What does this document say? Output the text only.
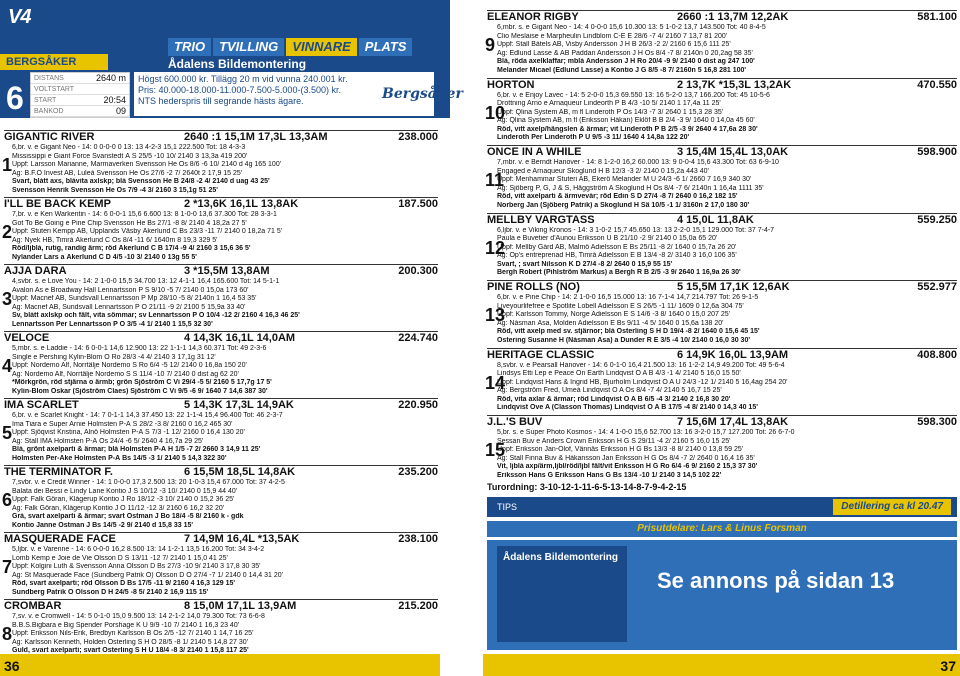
$^{V4}$
BERGSÅKER
TRIO	TVILLING	VINNARE	PLATS
Ådalens Bildemontering
6
DISTANS	2640 m
VOLTSTART
START	20:54
BANKOD	09
Högst 600.000 kr. Tillägg 20 m vid vunna 240.001 kr.
Pris: 40.000-18.000-11.000-7.500-5.000-(3.500) kr.
NTS hederspris till segrande hästs ägare.	Bergsåker
GIGANTIC RIVER	2640 :1 15,1M 17,3L 13,3AM	238.000
1
6,br. v. e Gigant Neo - 14: 0 0-0-0 0 13: 13 4-2-3 15,1 222.500 Tot: 18 4-3-3
Mississippi e Giant Force Svanstedt Å S 25/5 -10 10/ 2140 3 13,3a 419 200'
Uppf: Larsson Marianne, Marmaverken Svensson He Ös 8/6 -6 10/ 2140 d 4g 165 100'
Äg: B.F.O Invest AB, Luleå Svensson He Ös 27/6 -2 7/ 2640t 2 17,9 15 25'
Svart, blått axs, blåvita axlskp; blå Svensson He B 24/8 -2 4/ 2140 d uag 43 25'
Svensson Henrik Svensson He Ös 7/9 -4 3/ 2160 3 15,1g 51 25'
I'LL BE BACK KEMP	2 *13,6K 16,1L 13,8AK	187.500
2
7,br. v. e Ken Warkentin - 14: 6 0-0-1 15,6 6.600 13: 8 1-0-0 13,6 37.300 Tot: 28 3-3-1
Got To Be Going e Pine Chip Svensson He Bs 27/1 -8 8/ 2140 4 18,2a 27 5'
Uppf: Stuteri Kempp AB, Upplands Väsby Åkerlund C Bs 23/3 -11 7/ 2140 0 18,2a 71 5'
Äg: Nyek HB, Timrå Åkerlund C Ös 8/4 -11 6/ 1640m 8 19,3 329 5'
Röd/ljblå, rutig, randig ärm; röd Åkerlund C B 17/4 -9 4/ 2160 3 15,6 36 5'
Nylander Lars a Åkerlund C D 4/5 -10 3/ 2140 0 13g 55 5'
AJJA DARA	3 *15,5M 13,8AM	200.300
3
4,svbr. s. e Love You - 14: 2 1-0-0 15,5 34.700 13: 12 4-1-1 16,4 165.600 Tot: 14 5-1-1
Avalon As e Broadway Hall Lennartsson P S 9/10 -5 7/ 2140 0 15,0a 173 60'
Uppf: Macnef AB, Sundsvall Lennartsson P Mp 28/10 -5 8/ 2140n 1 16,4 53 35'
Äg: Macnef AB, Sundsvall Lennartsson P Ö 21/11 -9 2/ 2100 5 15,9a 33 40'
Sv, blått axlskp och fält, vita sömmar; sv Lennartsson P Ö 10/4 -12 2/ 2160 4 16,3 46 25'
Lennartsson Per Lennartsson P Ö 3/5 -4 1/ 2140 1 15,5 32 30'
VELOCE	4 14,3K 16,1L 14,0AM	224.740
4
5,mbr. s. e Laddie - 14: 6 0-0-1 14,6 12.900 13: 22 1-1-1 14,3 60.371 Tot: 49 2-3-6
Single e Pershing Kylin-Blom O Ro 28/3 -4 4/ 2140 3 17,1g 31 12'
Uppf: Nordemo Alf, Norrtälje Nordemo S Ro 6/4 -5 12/ 2140 0 16,8a 150 20'
Äg: Nordemo Alf, Norrtälje Nordemo S S 11/4 -10 7/ 2140 0 dist ag 62 20'
*Mörkgrön, röd stjärna o ärmb; grön Sjöström C Vi 29/4 -5 5/ 2160 5 17,7g 17 5'
Kylin-Blom Oskar (Sjöström Claes) Sjöström C Vi 9/5 -6 9/ 1640 7 14,6 387 30'
IMA SCARLET	5 14,3K 17,3L 14,9AK	220.950
5
6,br. v. e Scarlet Knight - 14: 7 0-1-1 14,3 37.450 13: 22 1-1-4 15,4 96.400 Tot: 46 2-3-7
Ima Tiara e Super Arnie Holmsten P-Å S 28/2 -3 8/ 2160 0 16,2 465 30'
Uppf: Sjöqvist Kristina, Alnö Holmsten P-Å S 7/3 -1 12/ 2160 0 16,4 130 20'
Äg: Stall IMA Holmsten P-Å Ös 24/4 -6 5/ 2640 4 16,7a 29 25'
Blå, grönt axelparti & ärmar; blå Holmsten P-Å H 1/5 -7 2/ 2660 3 14,9 11 25'
Holmsten Per-Åke Holmsten P-Å Bs 14/5 -3 1/ 2140 5 14,3 322 30'
THE TERMINATOR F.	6 15,5M 18,5L 14,8AK	235.200
6
7,svbr. v. e Credit Winner - 14: 1 0-0-0 17,3 2.500 13: 20 1-0-3 15,4 67.000 Tot: 37 4-2-5
Balata dei Bessi e Lindy Lane Kontio J S 10/12 -3 10/ 2140 0 15,9 44 40'
Uppf: Falk Göran, Klågerup Kontio J Ro 18/12 -3 10/ 2140 0 15,2 36 25'
Äg: Falk Göran, Klågerup Kontio J Ö 11/12 -12 3/ 2160 6 16,2 32 20'
Grå, svart axelparti & ärmar; svart Östman J Bo 18/4 -5 8/ 2160 k - gdk
Kontio Janne Östman J Bs 14/5 -2 9/ 2140 d 15,8 33 15'
MASQUERADE FACE	7 14,9M 16,4L *13,5AK	238.100
7
5,ljbr. v. e Varenne - 14: 6 0-0-0 16,2 8.500 13: 14 1-2-1 13,5 16.200 Tot: 34 3-4-2
Lomb Kemp e Joie de Vie Olsson D S 13/11 -12 7/ 2140 1 15,0 41 25'
Uppf: Kolgini Luth & Svensson Anna Olsson D Bs 27/3 -10 9/ 2140 3 17,8 30 35'
Äg: St Masquerade Face (Sundberg Patrik O) Olsson D Ö 27/4 -7 1/ 2140 0 14,4 31 20'
Röd, svart axelparti; röd Olsson D Bs 17/5 -11 9/ 2160 4 16,3 129 15'
Sundberg Patrik O Olsson D H 24/5 -8 5/ 2140 2 16,9 115 15'
CROMBAR	8 15,0M 17,1L 13,9AM	215.200
8
7,sv. v. e Cromwell - 14: 5 0-1-0 15,0 9.500 13: 14 2-1-2 14,0 79.300 Tot: 73 6-6-8
B.B.S.Bigbara e Big Spender Porshage K U 9/9 -10 7/ 2140 1 16,3 23 40'
Uppf: Eriksson Nils-Erik, Bredbyn Karlsson B Ös 2/5 -12 7/ 2140 1 14,7 16 25'
Äg: Karlsson Kenneth, Holden Österling S H Ö 28/5 -8 1/ 2140 5 14,8 27 30'
Guld, svart axelparti; svart Österling S H U 18/4 -8 3/ 2140 1 15,8 117 25'
36
ELEANOR RIGBY	2660 :1 13,7M 12,2AK	581.100
9
6,mbr. s. e Gigant Neo - 14: 4 0-0-0 15,6 10.300 13: 5 1-0-2 13,7 143.500 Tot: 40 8-4-5
Clio Meslaise e Marpheulin Lindblom C-E E 28/6 -7 4/ 2160 7 13,7 81 200'
Uppf: Stall Båtels AB, Visby Andersson J H B 26/3 -2 2/ 2160 6 15,6 111 25'
Äg: Edlund Lasse & AB Paddan Andersson J H Ös 8/4 -7 8/ 2140n 0 20,2ag 58 35'
Blå, röda axelklaffar; mblå Andersson J H Ro 20/4 -9 9/ 2140 0 dist ag 247 100'
Melander Micael (Edlund Lasse) a Kontio J G 8/5 -8 7/ 2160n 5 16,8 281 100'
HORTON	2 13,7K *15,3L 13,2AK	470.550
10
6,br. v. e Enjoy Lavec - 14: 5 2-0-0 15,3 69.550 13: 16 5-2-0 13,7 166.200 Tot: 45 10-5-6
Drottning Arno e Arnaqueur Lindeorth P B 4/3 -10 5/ 2140 1 17,4a 11 25'
Uppf: Qlina System AB, m fl Linderoth P Ös 14/3 -7 3/ 2640 1 15,3 28 35'
Äg: Qlina System AB, m fl (Eriksson Håkan) Eklöf B B 2/4 -3 9/ 1640 0 14,0a 45 60'
Röd, vitt axelp/hängslen & ärmar; vit Linderoth P B 2/5 -3 9/ 2640 4 17,6a 28 30'
Linderoth Per Linderoth P U 9/5 -3 11/ 1640 4 14,8a 122 20'
ONCE IN A WHILE	3 15,4M 15,4L 13,0AK	598.900
11
7,mbr. v. e Berndt Hanover - 14: 8 1-2-0 16,2 60.000 13: 9 0-0-4 15,6 43.300 Tot: 63 6-9-10
Engaged e Arnaqueur Skoglund H B 12/3 -3 2/ 2140 0 15,2a 443 40'
Uppf: Menhammar Stuteri AB, Ekerö Melander M U 24/3 -6 1/ 2660 7 16,9 340 30'
Äg: Sjöberg P, G, J & S, Häggström A Skoglund H Ös 8/4 -7 6/ 2140n 1 16,4a 1111 35'
Röd, vitt axelparti & ärmvevår; röd Edin S D 27/4 -8 7/ 2640 0 16,2 182 15'
Norberg Jan (Sjöberg Patrik) a Skoglund H Sä 10/5 -1 1/ 3160n 2 17,0 180 30'
MELLBY VARGTASS	4 15,0L 11,8AK	559.250
12
6,ljbr. v. e Viking Kronos - 14: 3 1-0-2 15,7 45.650 13: 13 2-2-0 15,1 129.000 Tot: 37 7-4-7
Paula e Buvetier d'Aunou Eriksson U B 21/10 -2 9/ 2140 0 15,0a 65 20'
Uppf: Mellby Gård AB, Malmö Adielsson E Bs 25/11 -8 2/ 1640 0 15,7a 26 20'
Äg: Op's entreprenad HB, Timrå Adielsson E B 13/4 -8 2/ 3140 3 16,0 106 35'
Svart, ; svart Nilsson K D 27/4 -8 2/ 2640 0 15,9 55 15'
Bergh Robert (Pihlström Markus) a Bergh R B 2/5 -3 9/ 2640 1 16,9a 26 30'
PINE ROLLS (NO)	5 15,5M 17,1K 12,6AK	552.977
13
6,br. v. e Pine Chip - 14: 2 1-0-0 16,5 15.000 13: 16 7-1-4 14,7 214.797 Tot: 26 9-1-5
Liveyourlifefree e Spotlite Lobell Adielsson E S 26/5 -1 11/ 1609 0 12,6a 304 75'
Uppf: Karlsson Tommy, Norge Adielsson E S 14/6 -3 8/ 1640 0 15,0 207 25'
Äg: Nåsman Åsa, Molden Adielsson E Bs 9/11 -4 5/ 1640 0 15,6a 138 20'
Röd, vitt axelp med sv. stjärnor; blå Österling S H D 19/4 -8 2/ 1640 0 15,6 45 15'
Östering Susanne H (Nåsman Åsa) a Dunder R E 3/5 -4 10/ 2140 0 16,0 30 30'
HERITAGE CLASSIC	6 14,9K 16,0L 13,9AM	408.800
14
8,svbr. v. e Pearsall Hanover - 14: 6 0-1-0 16,4 21.500 13: 16 1-2-2 14,9 49.200 Tot: 49 5-6-4
Lindsys Etti Lep e Peace On Earth Lindqvist O A B 4/3 -1 4/ 2140 5 16,0 15 50'
Uppf: Lindqvist Hans & Ingrid HB, Bjurholm Lindqvist O A U 24/3 -12 1/ 2140 5 16,4ag 254 20'
Äg: Bergström Fred, Umeå Lindqvist O A Ös 8/4 -7 4/ 2140 5 16,7 15 25'
Röd, vita axlar & ärmar; röd Lindqvist O A B 6/5 -4 3/ 2140 2 16,8 30 20'
Lindqvist Ove A (Classon Thomas) Lindqvist O A B 17/5 -4 8/ 2140 0 14,3 40 15'
J.L.'S BUV	7 15,6M 17,4L 13,8AK	598.300
15
5,br. s. e Super Photo Kosmos - 14: 4 1-0-0 15,6 52.700 13: 16 3-2-0 15,7 127.200 Tot: 26 6-7-0
Sessan Buv e Anders Crown Eriksson H G S 29/11 -4 2/ 2160 5 16,0 15 25'
Uppf: Eriksson Jan-Olof, Vännäs Eriksson H G Bs 13/3 -8 8/ 2140 0 13,8 59 25'
Äg: Stall Finna Buv & Håkansson Jan Eriksson H G Ös 8/4 -7 2/ 2640 0 16,4 16 35'
Vit, ljblå axp/ärm,ljbl/röd/ljbl fält/vit Eriksson H G Ro 6/4 -6 9/ 2160 2 15,3 37 30'
Eriksson Hans G Eriksson Hans G Bs 13/4 -10 1/ 2140 3 14,5 102 22'
Turordning: 3-10-12-1-11-6-5-13-14-8-7-9-4-2-15
TIPS	Detillering ca kl 20.47
Prisutdelare: Lars & Linus Forsman
Ådalens Bildemontering
Se annons på sidan 13
37
